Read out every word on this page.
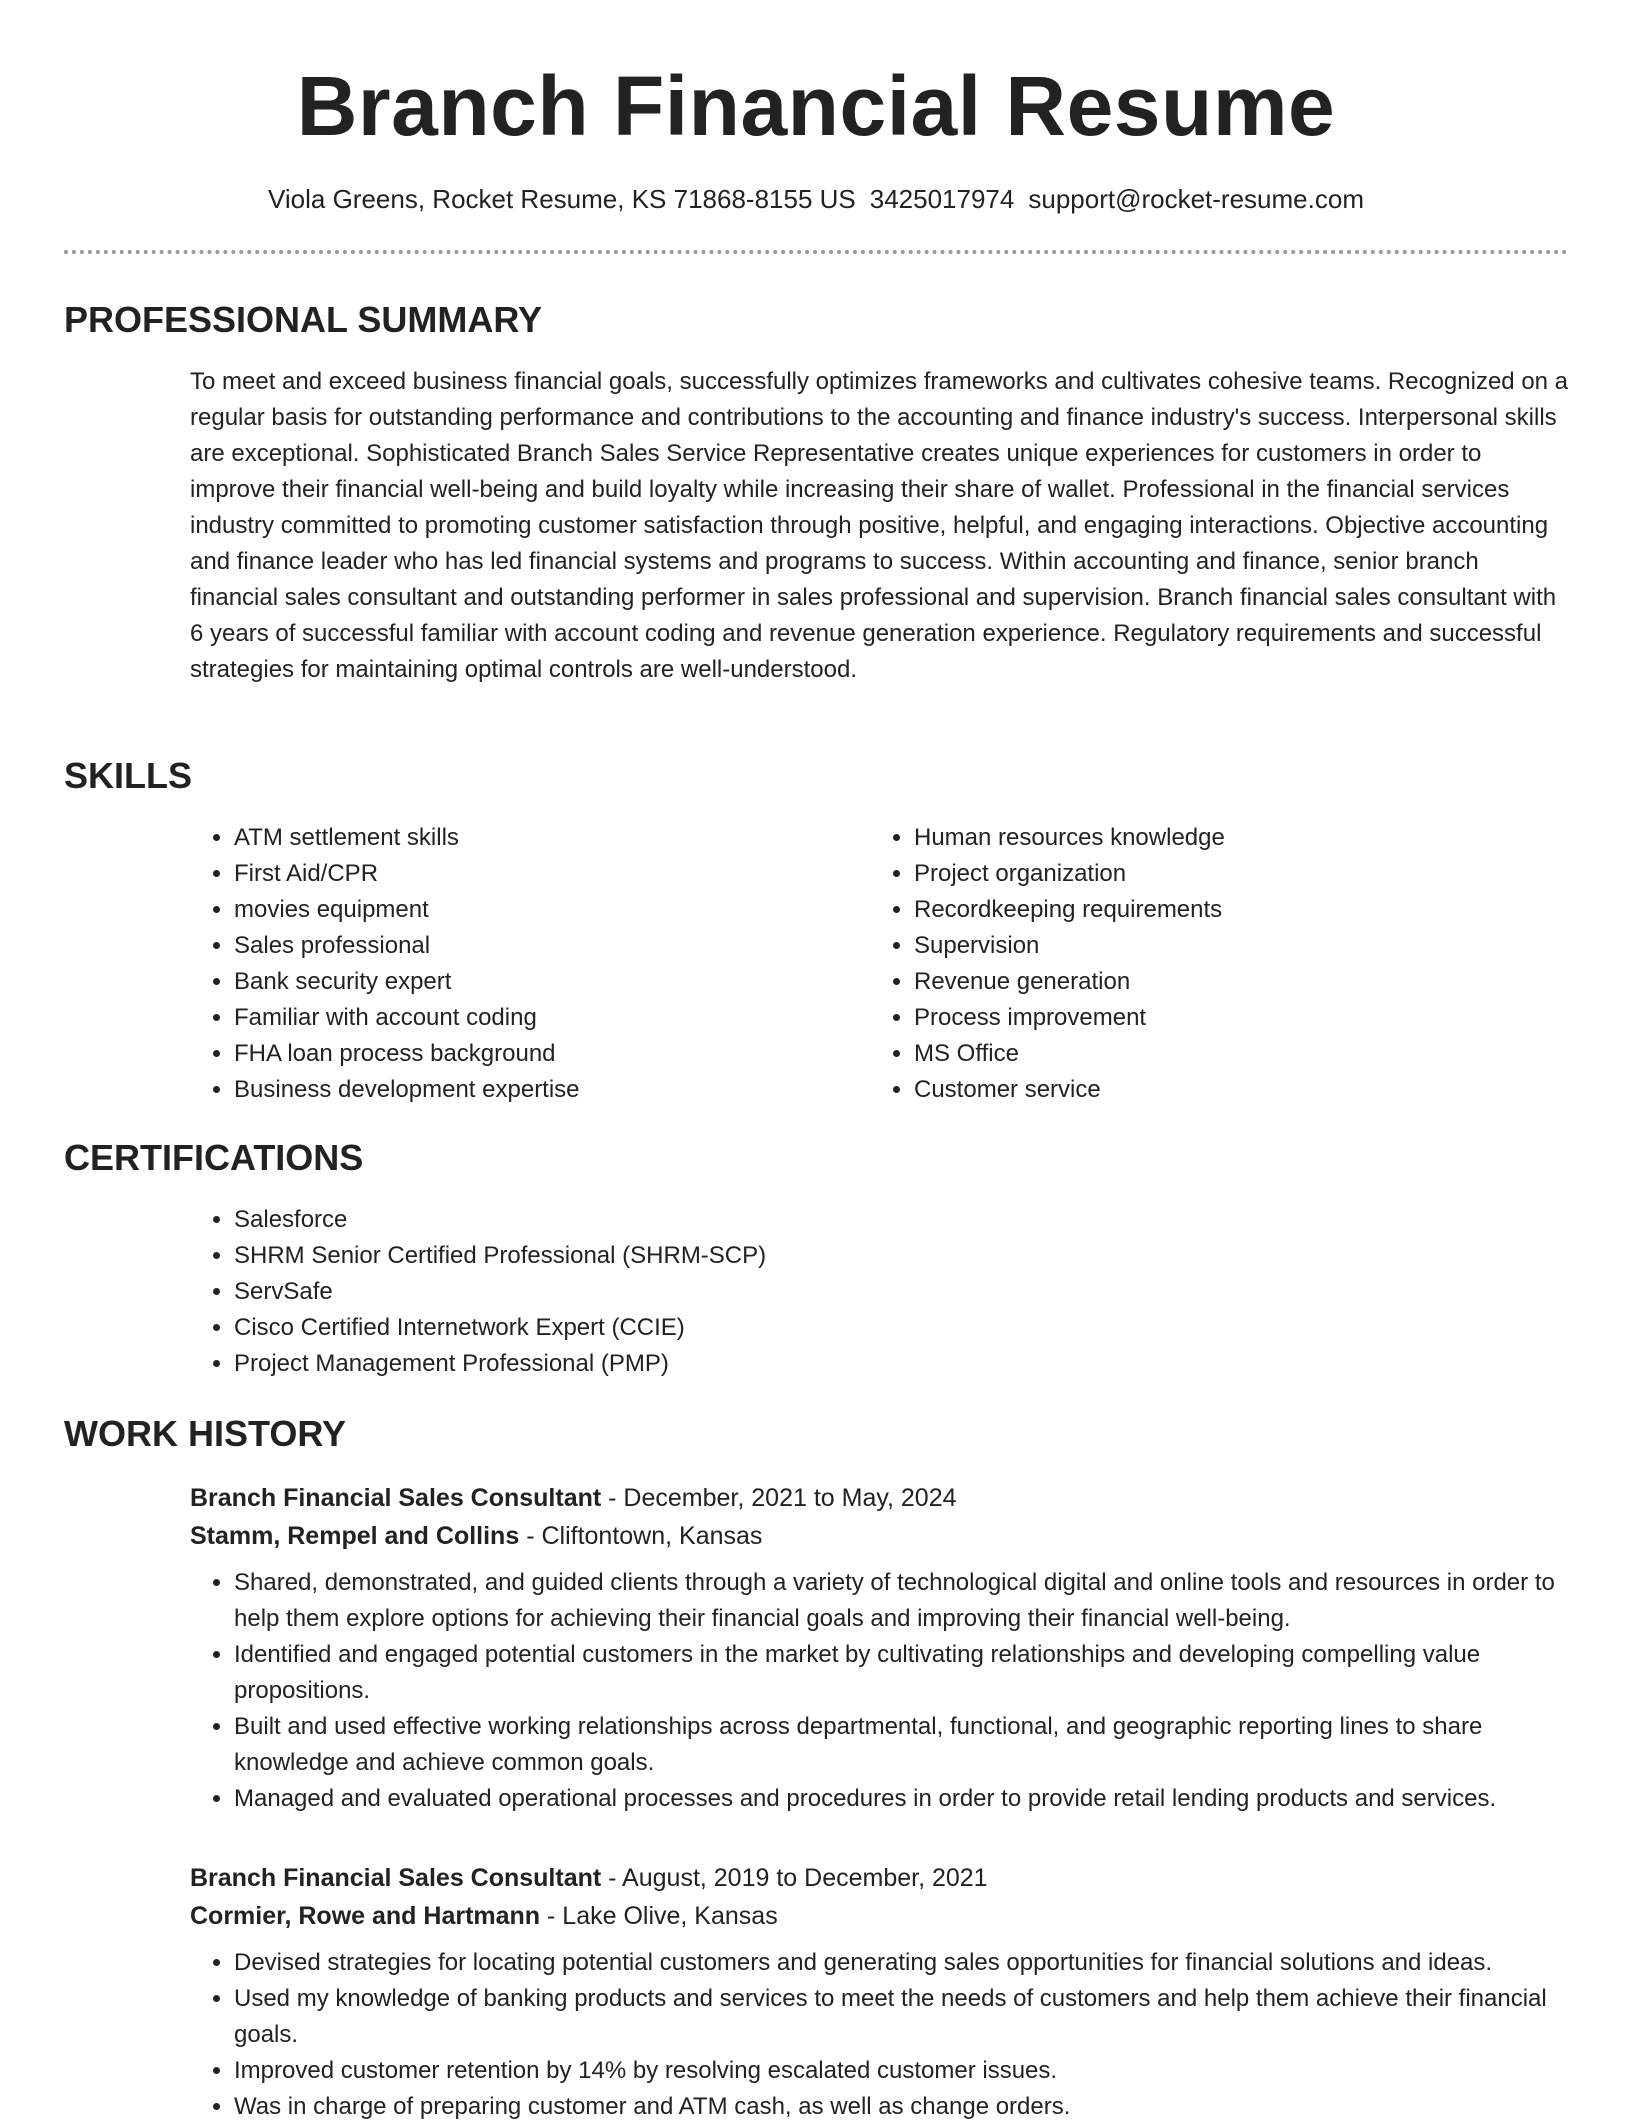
Branch Financial Resume
Viola Greens, Rocket Resume, KS 71868-8155 US 3425017974 support@rocket-resume.com
PROFESSIONAL SUMMARY

To meet and exceed business financial goals, successfully optimizes frameworks and cultivates cohesive teams. Recognized on a regular basis for outstanding performance and contributions to the accounting and finance industry's success. Interpersonal skills are exceptional. Sophisticated Branch Sales Service Representative creates unique experiences for customers in order to improve their financial well-being and build loyalty while increasing their share of wallet. Professional in the financial services industry committed to promoting customer satisfaction through positive, helpful, and engaging interactions. Objective accounting and finance leader who has led financial systems and programs to success. Within accounting and finance, senior branch financial sales consultant and outstanding performer in sales professional and supervision. Branch financial sales consultant with 6 years of successful familiar with account coding and revenue generation experience. Regulatory requirements and successful strategies for maintaining optimal controls are well-understood.

SKILLS
• ATM settlement skills
• First Aid/CPR
• movies equipment
• Sales professional
• Bank security expert
• Familiar with account coding
• FHA loan process background
• Business development expertise
• Human resources knowledge
• Project organization
• Recordkeeping requirements
• Supervision
• Revenue generation
• Process improvement
• MS Office
• Customer service
CERTIFICATIONS
• Salesforce
• SHRM Senior Certified Professional (SHRM-SCP)
• ServSafe
• Cisco Certified Internetwork Expert (CCIE)
• Project Management Professional (PMP)
WORK HISTORY
Branch Financial Sales Consultant - December, 2021 to May, 2024
Stamm, Rempel and Collins - Cliftontown, Kansas
• Shared, demonstrated, and guided clients through a variety of technological digital and online tools and resources in order to help them explore options for achieving their financial goals and improving their financial well-being.
• Identified and engaged potential customers in the market by cultivating relationships and developing compelling value propositions.
• Built and used effective working relationships across departmental, functional, and geographic reporting lines to share knowledge and achieve common goals.
• Managed and evaluated operational processes and procedures in order to provide retail lending products and services.
Branch Financial Sales Consultant - August, 2019 to December, 2021
Cormier, Rowe and Hartmann - Lake Olive, Kansas
• Devised strategies for locating potential customers and generating sales opportunities for financial solutions and ideas.
• Used my knowledge of banking products and services to meet the needs of customers and help them achieve their financial goals.
• Improved customer retention by 14% by resolving escalated customer issues.
• Was in charge of preparing customer and ATM cash, as well as change orders.
